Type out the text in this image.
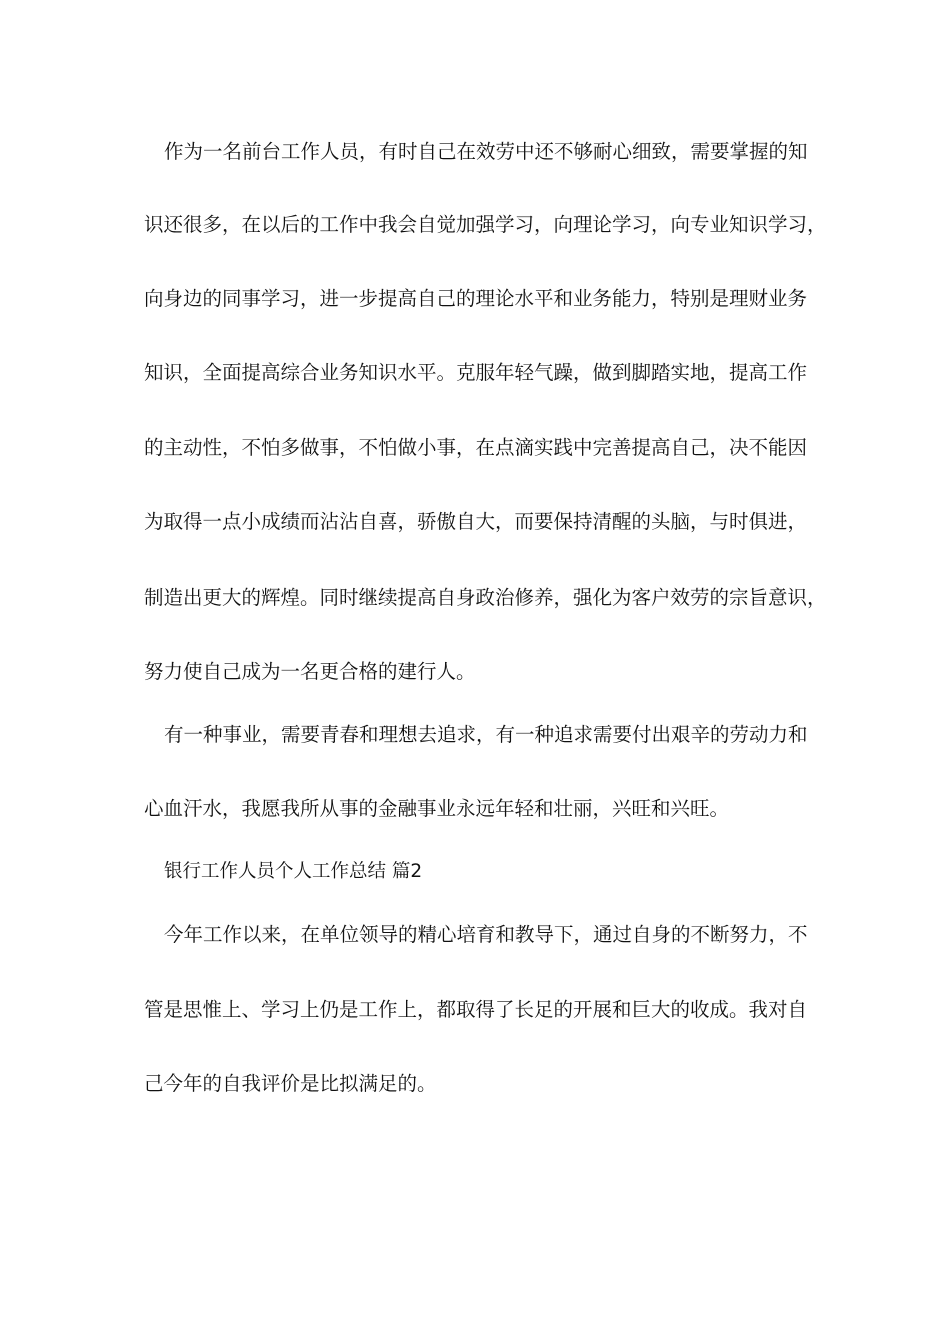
作为一名前台工作人员，有时自己在效劳中还不够耐心细致，需要掌握的知
识还很多，在以后的工作中我会自觉加强学习，向理论学习，向专业知识学习，
向身边的同事学习，进一步提高自己的理论水平和业务能力，特别是理财业务
知识，全面提高综合业务知识水平。克服年轻气躁，做到脚踏实地，提高工作
的主动性，不怕多做事，不怕做小事，在点滴实践中完善提高自己，决不能因
为取得一点小成绩而沾沾自喜，骄傲自大，而要保持清醒的头脑，与时俱进，
制造出更大的辉煌。同时继续提高自身政治修养，强化为客户效劳的宗旨意识，
努力使自己成为一名更合格的建行人。
有一种事业，需要青春和理想去追求，有一种追求需要付出艰辛的劳动力和
心血汗水，我愿我所从事的金融事业永远年轻和壮丽，兴旺和兴旺。
银行工作人员个人工作总结 篇2
今年工作以来，在单位领导的精心培育和教导下，通过自身的不断努力，不
管是思惟上、学习上仍是工作上，都取得了长足的开展和巨大的收成。我对自
己今年的自我评价是比拟满足的。
